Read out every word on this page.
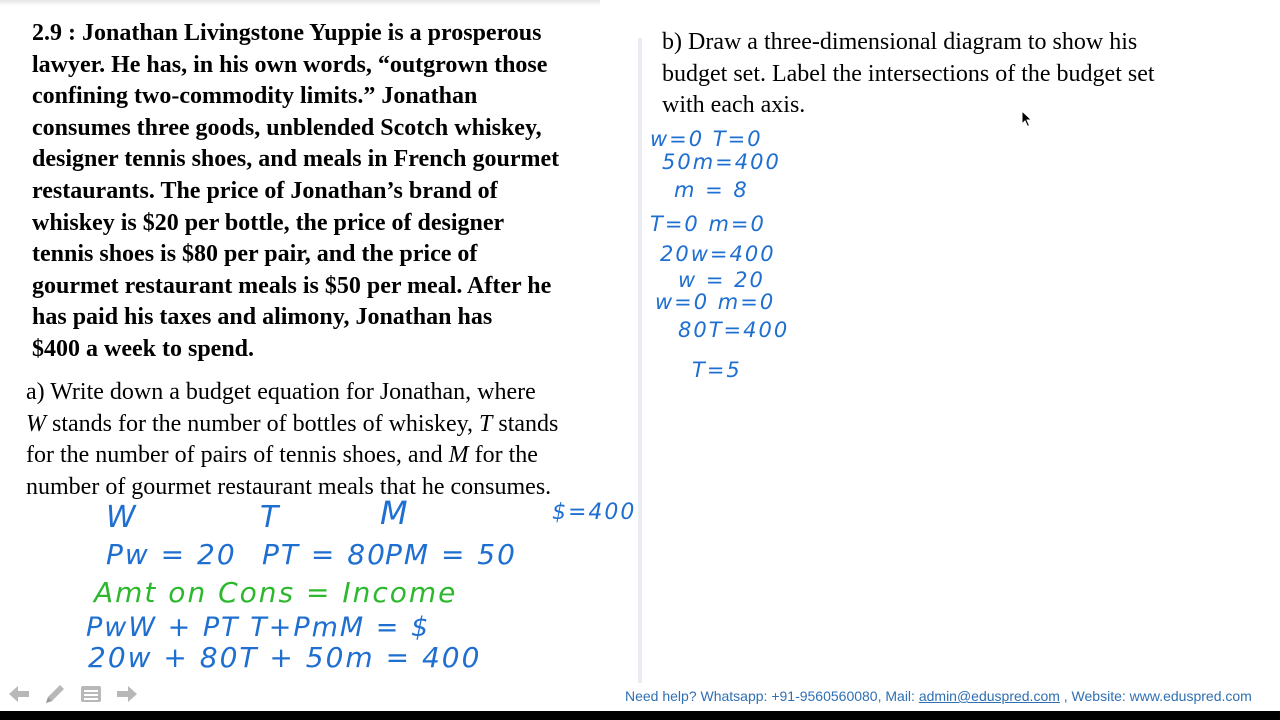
2.9 : Jonathan Livingstone Yuppie is a prosperous
lawyer. He has, in his own words, “outgrown those
confining two-commodity limits.” Jonathan
consumes three goods, unblended Scotch whiskey,
designer tennis shoes, and meals in French gourmet
restaurants. The price of Jonathan’s brand of
whiskey is $20 per bottle, the price of designer
tennis shoes is $80 per pair, and the price of
gourmet restaurant meals is $50 per meal. After he
has paid his taxes and alimony, Jonathan has
$400 a week to spend.
a) Write down a budget equation for Jonathan, where
W stands for the number of bottles of whiskey, T stands
for the number of pairs of tennis shoes, and M for the
number of gourmet restaurant meals that he consumes.
b) Draw a three-dimensional diagram to show his
budget set. Label the intersections of the budget set
with each axis.
W	T	M	$=400
Pw = 20 PT = 80
PM = 50
Amt on Cons = Income
PwW + PT T+PmM = $
20w + 80T + 50m = 400
w=0 T=0
50m=400
m = 8
T=0 m=0
20w=400
w = 20
w=0 m=0
80T=400
T=5
Need help? Whatsapp: +91-9560560080, Mail: admin@eduspred.com , Website: www.eduspred.com
